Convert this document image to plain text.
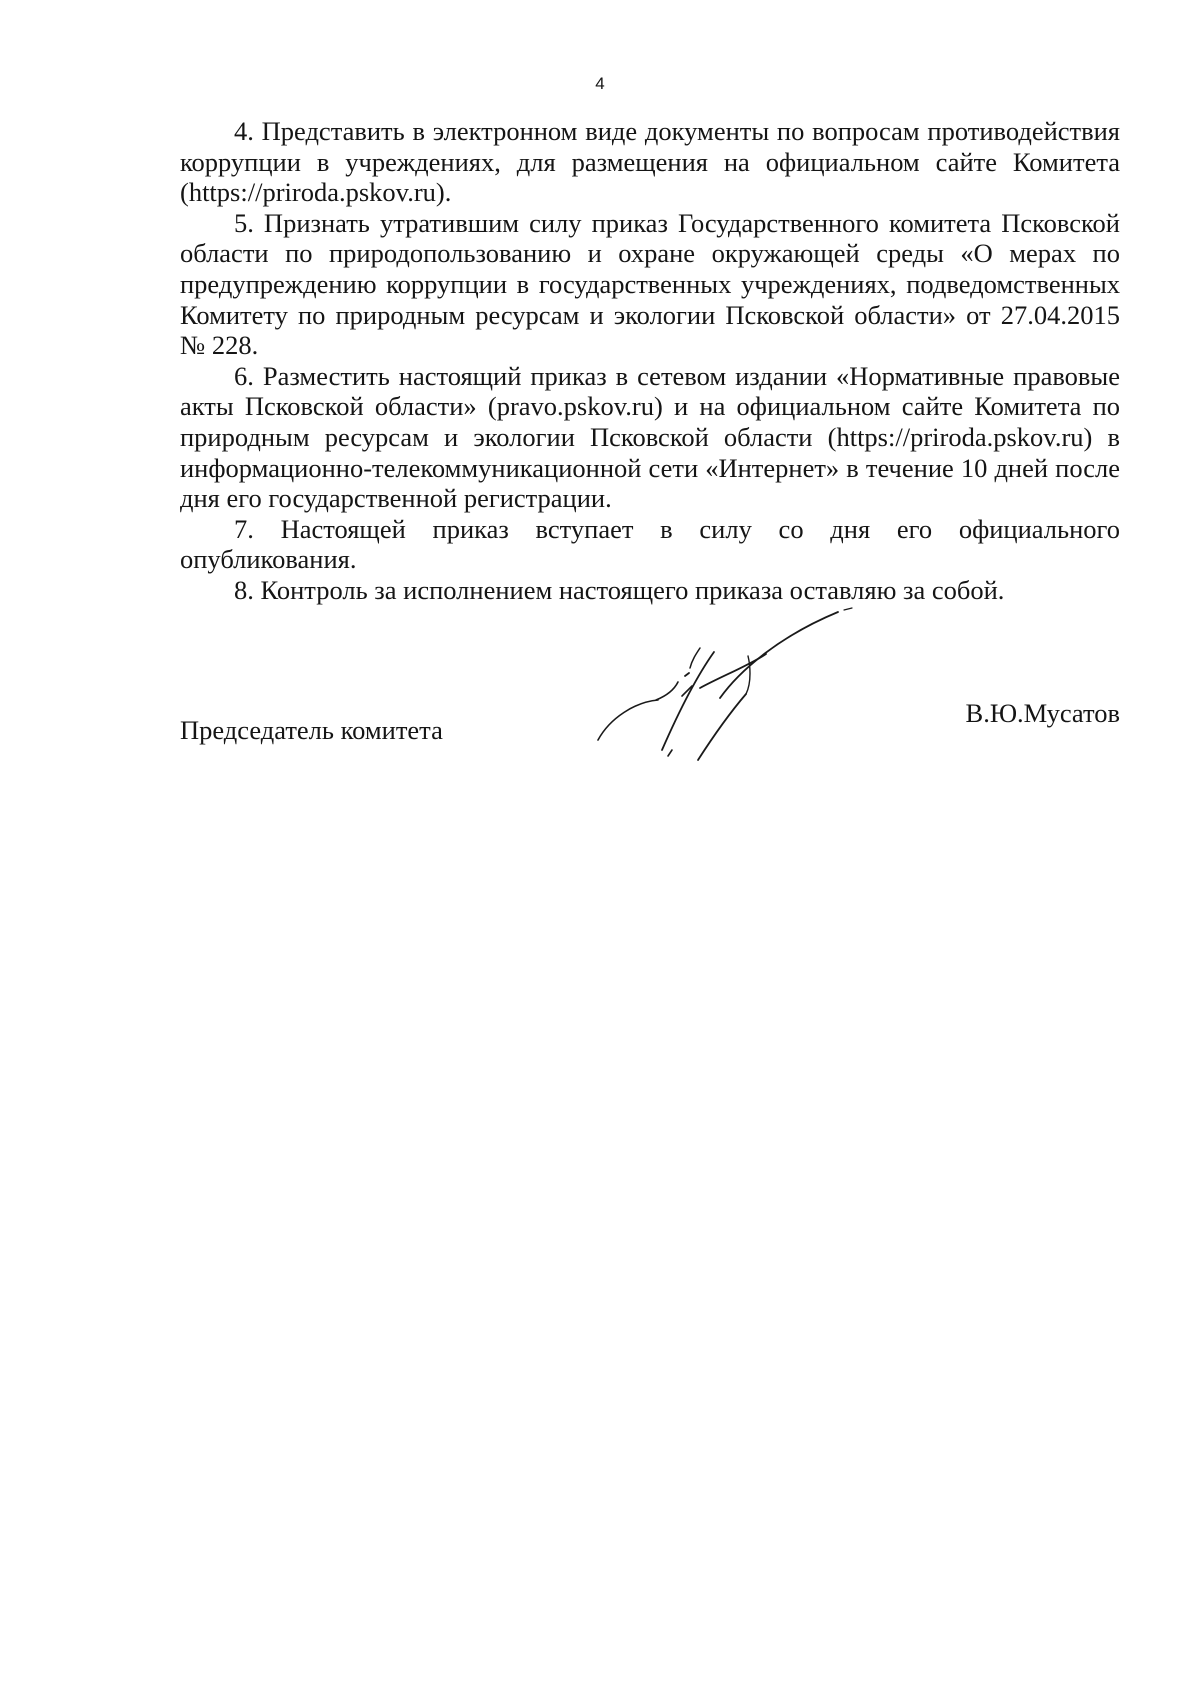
4

4. Представить в электронном виде документы по вопросам противодействия коррупции в учреждениях, для размещения на официальном сайте Комитета (https://priroda.pskov.ru).

5. Признать утратившим силу приказ Государственного комитета Псковской области по природопользованию и охране окружающей среды «О мерах по предупреждению коррупции в государственных учреждениях, подведомственных Комитету по природным ресурсам и экологии Псковской области» от 27.04.2015 № 228.

6. Разместить настоящий приказ в сетевом издании «Нормативные правовые акты Псковской области» (pravo.pskov.ru) и на официальном сайте Комитета по природным ресурсам и экологии Псковской области (https://priroda.pskov.ru) в информационно-телекоммуникационной сети «Интернет» в течение 10 дней после дня его государственной регистрации.

7. Настоящей приказ вступает в силу со дня его официального опубликования.

8. Контроль за исполнением настоящего приказа оставляю за собой.

Председатель комитета
В.Ю.Мусатов
